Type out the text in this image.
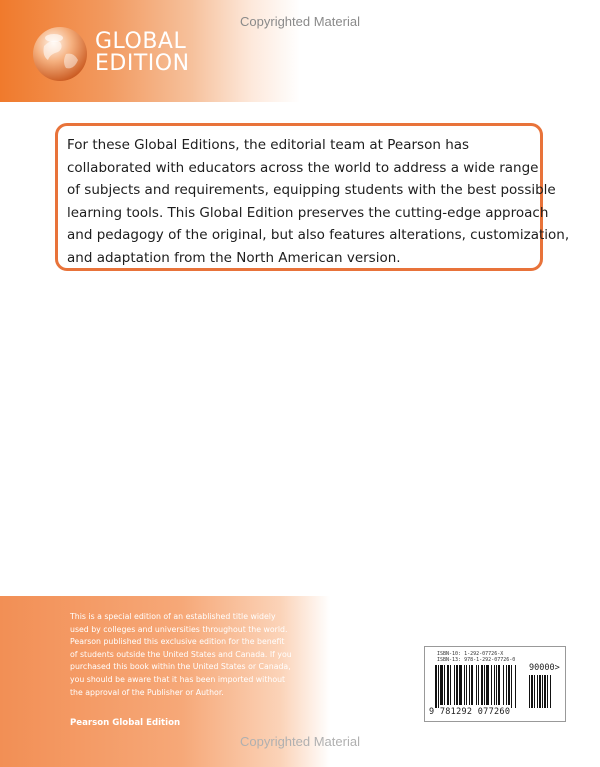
Copyrighted Material
GLOBAL
EDITION
For these Global Editions, the editorial team at Pearson has
collaborated with educators across the world to address a wide range
of subjects and requirements, equipping students with the best possible
learning tools. This Global Edition preserves the cutting-edge approach
and pedagogy of the original, but also features alterations, customization,
and adaptation from the North American version.
This is a special edition of an established title widely
used by colleges and universities throughout the world.
Pearson published this exclusive edition for the benefit
of students outside the United States and Canada. If you
purchased this book within the United States or Canada,
you should be aware that it has been imported without
the approval of the Publisher or Author.
Pearson Global Edition
ISBN-10: 1-292-07726-X
ISBN-13: 978-1-292-07726-0
90000>
9 781292 077260
Copyrighted Material
